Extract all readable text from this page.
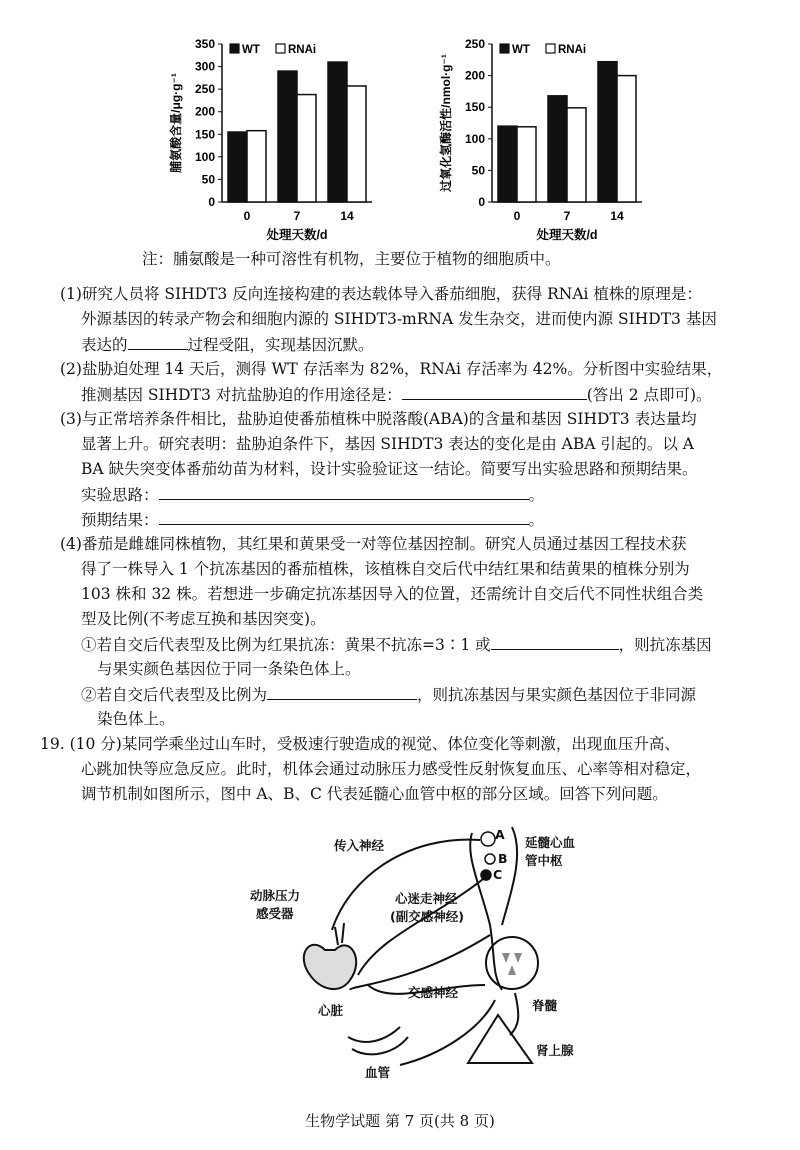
0
50
100
150
200
250
300
350
0	7	14
处理天数/d
脯氨酸含量/μg·g⁻¹
WT RNAi
0
50
100
150
200
250
0	7	14
处理天数/d
过氧化氢酶活性/nmol·g⁻¹
WT RNAi
注：脯氨酸是一种可溶性有机物，主要位于植物的细胞质中。
(1)研究人员将 SIHDT3 反向连接构建的表达载体导入番茄细胞，获得 RNAi 植株的原理是：
外源基因的转录产物会和细胞内源的 SIHDT3-mRNA 发生杂交，进而使内源 SIHDT3 基因
表达的	过程受阻，实现基因沉默。
(2)盐胁迫处理 14 天后，测得 WT 存活率为 82%，RNAi 存活率为 42%。分析图中实验结果，
推测基因 SIHDT3 对抗盐胁迫的作用途径是：	(答出 2 点即可)。
(3)与正常培养条件相比，盐胁迫使番茄植株中脱落酸(ABA)的含量和基因 SIHDT3 表达量均
显著上升。研究表明：盐胁迫条件下，基因 SIHDT3 表达的变化是由 ABA 引起的。以 A
BA 缺失突变体番茄幼苗为材料，设计实验验证这一结论。简要写出实验思路和预期结果。
实验思路：	。
预期结果：	。
(4)番茄是雌雄同株植物，其红果和黄果受一对等位基因控制。研究人员通过基因工程技术获
得了一株导入 1 个抗冻基因的番茄植株，该植株自交后代中结红果和结黄果的植株分别为
103 株和 32 株。若想进一步确定抗冻基因导入的位置，还需统计自交后代不同性状组合类
型及比例(不考虑互换和基因突变)。
①若自交后代表型及比例为红果抗冻：黄果不抗冻=3∶1 或	，则抗冻基因
与果实颜色基因位于同一条染色体上。
②若自交后代表型及比例为	，则抗冻基因与果实颜色基因位于非同源
染色体上。
19. (10 分)某同学乘坐过山车时，受极速行驶造成的视觉、体位变化等刺激，出现血压升高、
心跳加快等应急反应。此时，机体会通过动脉压力感受性反射恢复血压、心率等相对稳定，
调节机制如图所示，图中 A、B、C 代表延髓心血管中枢的部分区域。回答下列问题。
传入神经
A
B
C
延髓心血
管中枢
动脉压力
感受器
心迷走神经
(副交感神经)
心脏
交感神经
脊髓
肾上腺
血管
生物学试题 第 7 页(共 8 页)
